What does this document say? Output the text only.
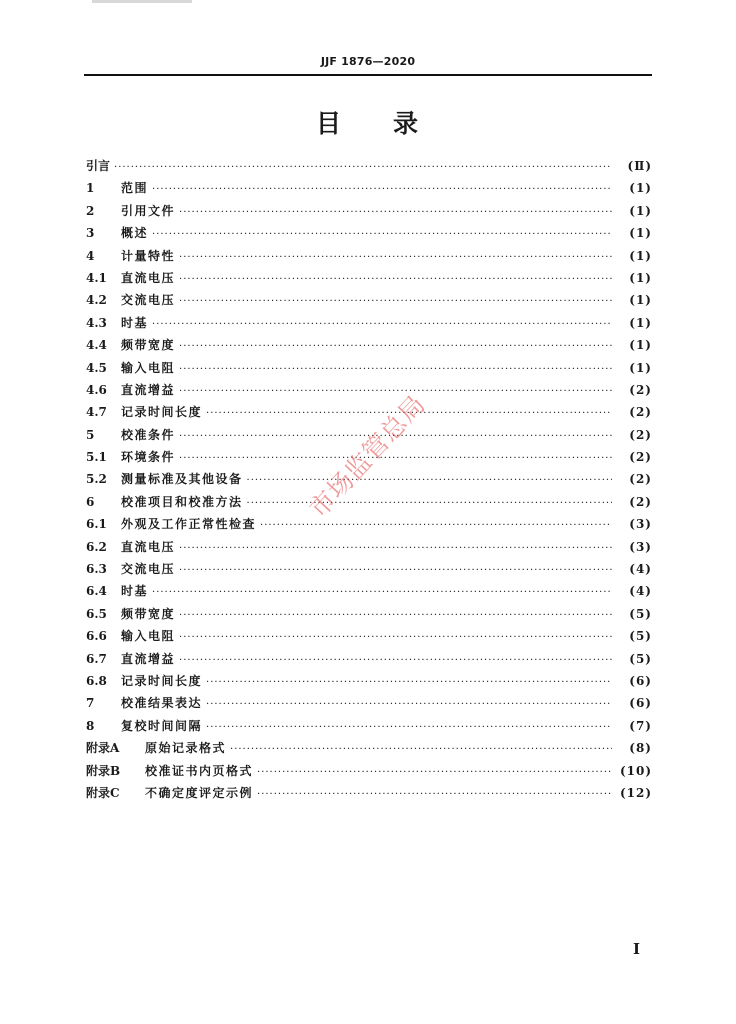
JJF 1876—2020
目 录
引言 ·····	(Ⅱ)
1	范围 ·····	(1)
2	引用文件 ·····	(1)
3	概述 ·····	(1)
4	计量特性 ·····	(1)
4.1	直流电压 ·····	(1)
4.2	交流电压 ·····	(1)
4.3	时基 ·····	(1)
4.4	频带宽度 ·····	(1)
4.5	输入电阻 ·····	(1)
4.6	直流增益 ·····	(2)
4.7	记录时间长度 ·····	(2)
5	校准条件 ·····	(2)
5.1	环境条件 ·····	(2)
5.2	测量标准及其他设备 ·····	(2)
6	校准项目和校准方法 ·····	(2)
6.1	外观及工作正常性检查 ·····	(3)
6.2	直流电压 ·····	(3)
6.3	交流电压 ·····	(4)
6.4	时基 ·····	(4)
6.5	频带宽度 ·····	(5)
6.6	输入电阻 ·····	(5)
6.7	直流增益 ·····	(5)
6.8	记录时间长度 ·····	(6)
7	校准结果表达 ·····	(6)
8	复校时间间隔 ·····	(7)
附录A	原始记录格式 ·····	(8)
附录B	校准证书内页格式 ·····	(10)
附录C	不确定度评定示例 ·····	(12)
市场监管总局
I
